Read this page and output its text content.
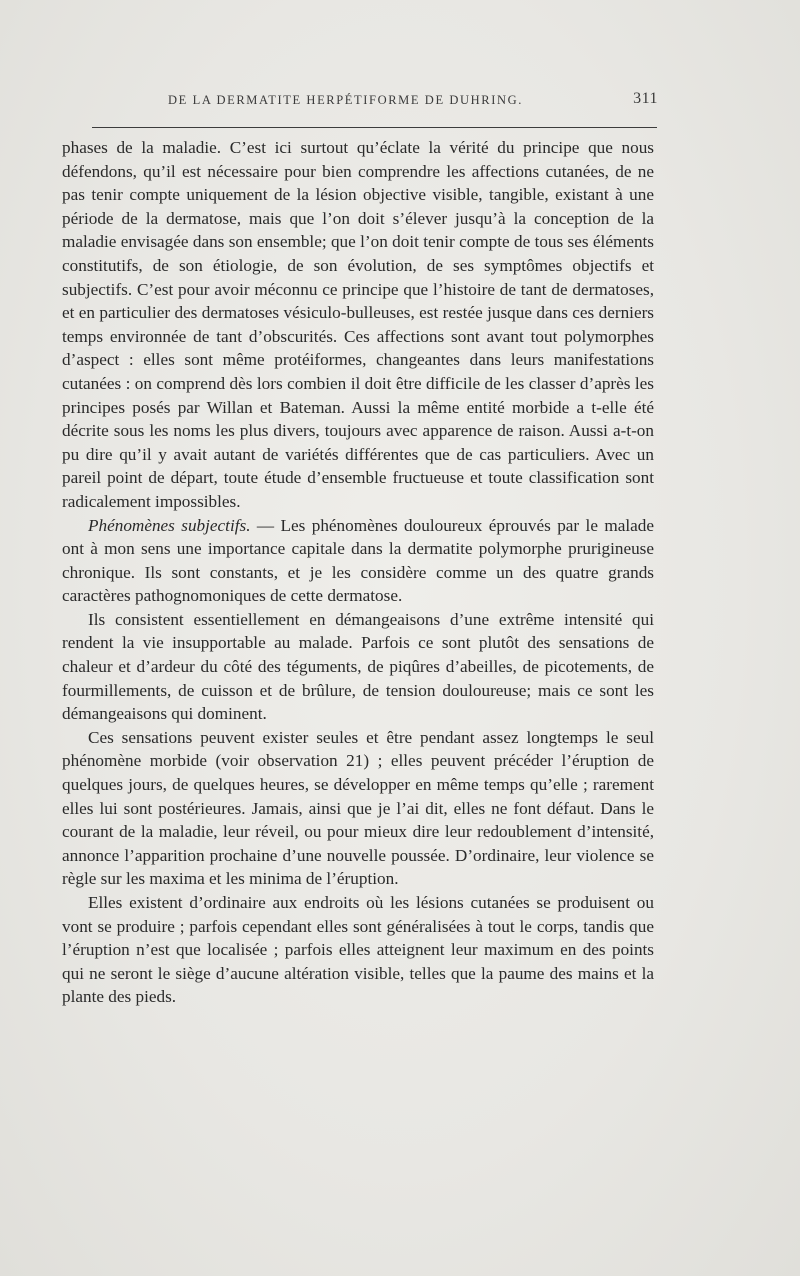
DE LA DERMATITE HERPÉTIFORME DE DUHRING.	311

phases de la maladie. C’est ici surtout qu’éclate la vérité du principe que nous défendons, qu’il est nécessaire pour bien comprendre les affections cutanées, de ne pas tenir compte uniquement de la lésion objective visible, tangible, existant à une période de la dermatose, mais que l’on doit s’élever jusqu’à la conception de la maladie envisagée dans son ensemble; que l’on doit tenir compte de tous ses éléments constitutifs, de son étiologie, de son évolution, de ses symptômes objectifs et subjectifs. C’est pour avoir méconnu ce principe que l’histoire de tant de dermatoses, et en particulier des dermatoses vésiculo-bulleuses, est restée jusque dans ces derniers temps environnée de tant d’obscurités. Ces affections sont avant tout polymorphes d’aspect : elles sont même protéiformes, changeantes dans leurs manifestations cutanées : on comprend dès lors combien il doit être difficile de les classer d’après les principes posés par Willan et Bateman. Aussi la même entité morbide a t-elle été décrite sous les noms les plus divers, toujours avec apparence de raison. Aussi a-t-on pu dire qu’il y avait autant de variétés différentes que de cas particuliers. Avec un pareil point de départ, toute étude d’ensemble fructueuse et toute classification sont radicalement impossibles.

Phénomènes subjectifs. — Les phénomènes douloureux éprouvés par le malade ont à mon sens une importance capitale dans la dermatite polymorphe prurigineuse chronique. Ils sont constants, et je les considère comme un des quatre grands caractères pathognomoniques de cette dermatose.

Ils consistent essentiellement en démangeaisons d’une extrême intensité qui rendent la vie insupportable au malade. Parfois ce sont plutôt des sensations de chaleur et d’ardeur du côté des téguments, de piqûres d’abeilles, de picotements, de fourmillements, de cuisson et de brûlure, de tension douloureuse; mais ce sont les démangeaisons qui dominent.

Ces sensations peuvent exister seules et être pendant assez longtemps le seul phénomène morbide (voir observation 21) ; elles peuvent précéder l’éruption de quelques jours, de quelques heures, se développer en même temps qu’elle ; rarement elles lui sont postérieures. Jamais, ainsi que je l’ai dit, elles ne font défaut. Dans le courant de la maladie, leur réveil, ou pour mieux dire leur redoublement d’intensité, annonce l’apparition prochaine d’une nouvelle poussée. D’ordinaire, leur violence se règle sur les maxima et les minima de l’éruption.

Elles existent d’ordinaire aux endroits où les lésions cutanées se produisent ou vont se produire ; parfois cependant elles sont généralisées à tout le corps, tandis que l’éruption n’est que localisée ; parfois elles atteignent leur maximum en des points qui ne seront le siège d’aucune altération visible, telles que la paume des mains et la plante des pieds.
